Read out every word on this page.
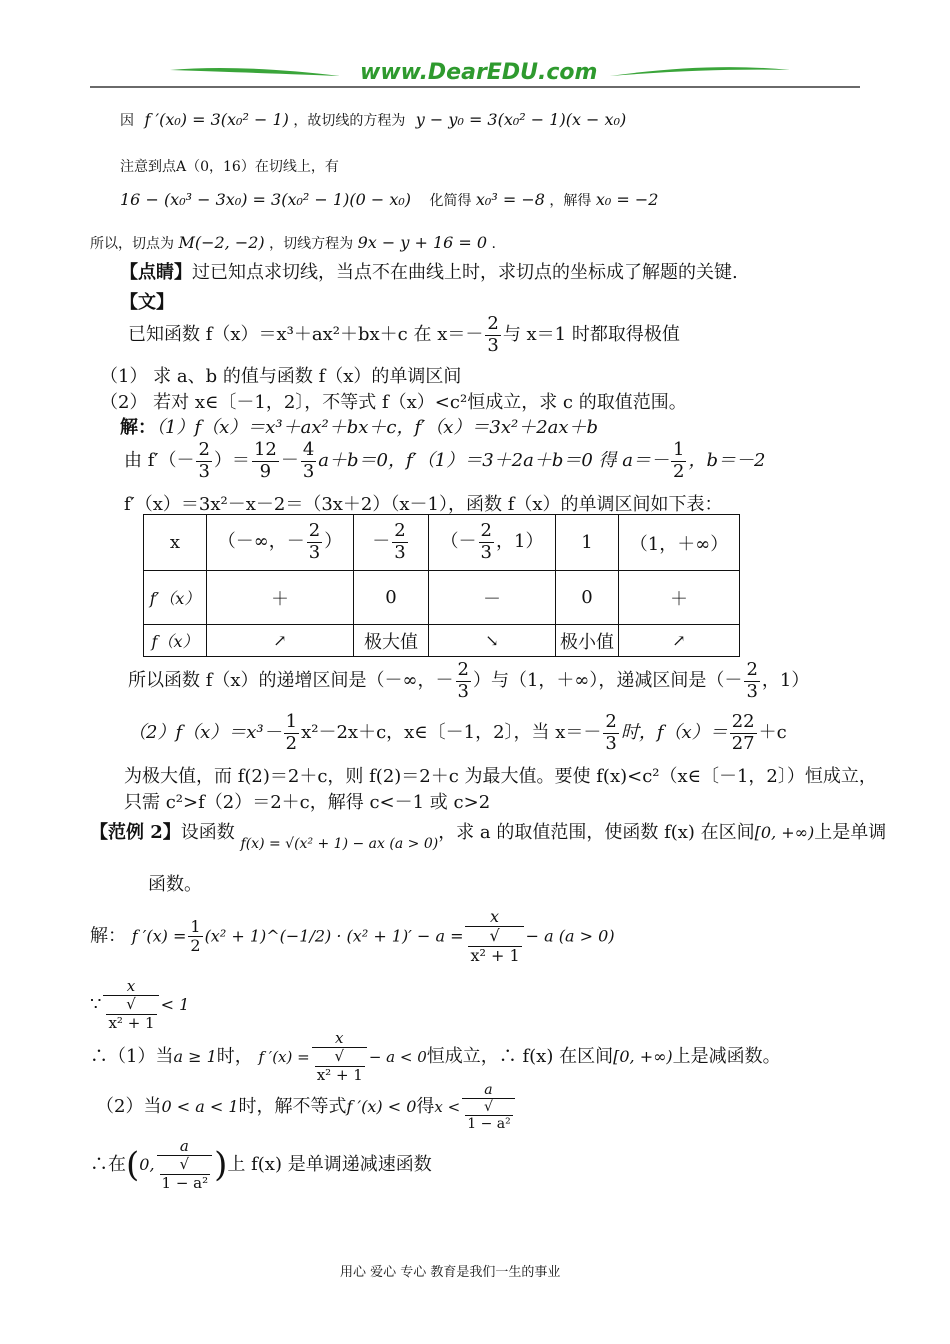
www.DearEDU.com
因 f ′(x₀) = 3(x₀² − 1) ，故切线的方程为 y − y₀ = 3(x₀² − 1)(x − x₀)
注意到点A（0，16）在切线上，有
16 − (x₀³ − 3x₀) = 3(x₀² − 1)(0 − x₀) 化简得 x₀³ = −8 ，解得 x₀ = −2
所以，切点为 M(−2, −2) ，切线方程为 9x − y + 16 = 0 .
【点睛】过已知点求切线，当点不在曲线上时，求切点的坐标成了解题的关键.
【文】
已知函数 f（x）＝x³＋ax²＋bx＋c 在 $x=- \frac{2}{3}$ 与 x＝1 时都取得极值
（1） 求 a、b 的值与函数 f（x）的单调区间
（2） 若对 x∈〔－1，2〕，不等式 f（x）<c²恒成立，求 c 的取值范围。
解：（1）f（x）＝x³＋ax²＋bx＋c，f′（x）＝3x²＋2ax＋b
由 $f'(- \frac{2}{3}$ ）＝ $\frac{12}{9} - \frac{4}{3} a+b=0$，f′（1）＝3＋2a＋b＝0 得 $a=- \frac{1}{2}$ ，b＝－2
f′（x）＝3x²－x－2＝（3x＋2）（x－1），函数 f（x）的单调区间如下表：
x	（－∞，－ $\frac{2}{3}$ ）	－ $\frac{2}{3}$	（－ $\frac{2}{3}$ ，1）	1	（1，＋∞）
f′（x）	＋	0	－	0	＋
f（x）	↗	极大值	↘	极小值	↗
所以函数 f（x）的递增区间是（－∞，－ $\frac{2}{3}$ ）与（1，＋∞），递减区间是（－ $\frac{2}{3}$ ，1）
$(2)f(x)=x^3- \frac{1}{2} x^2-2x+c$，x∈〔－1，2〕，当 $x=- \frac{2}{3}$ 时，$f(x)= \frac{22}{27} +c$
为极大值，而 f(2)＝2＋c，则 f(2)＝2＋c 为最大值。要使 f(x)<c²（x∈〔－1，2〕）恒成立，
只需 c²>f（2）＝2＋c，解得 c<－1 或 c>2
【范例 2】设函数 $_{f(x) = √(x^2 + 1) - ax (a > 0)}$，求 a 的取值范围，使函数 f(x) 在区间[0, +∞)上是单调
函数。
解： f $'(x) = \frac{1}{2} (x^2$ + 1)^(−1/2) · (x² + 1)′ − a = x
√
x² + 1 − a (a > 0)
∵ x
√
x² + 1 < 1
∴（1）当a ≥ 1时， f ′(x) = x
√
x² + 1 − a < 0恒成立，∴ f(x) 在区间[0, +∞)上是减函数。
（2）当0 < a < 1时，解不等式f ′(x) < 0得x < a
√
1 − a²
∴在(0, a
√
1 − a² )上 f(x) 是单调递减速函数
用心 爱心 专心 教育是我们一生的事业
